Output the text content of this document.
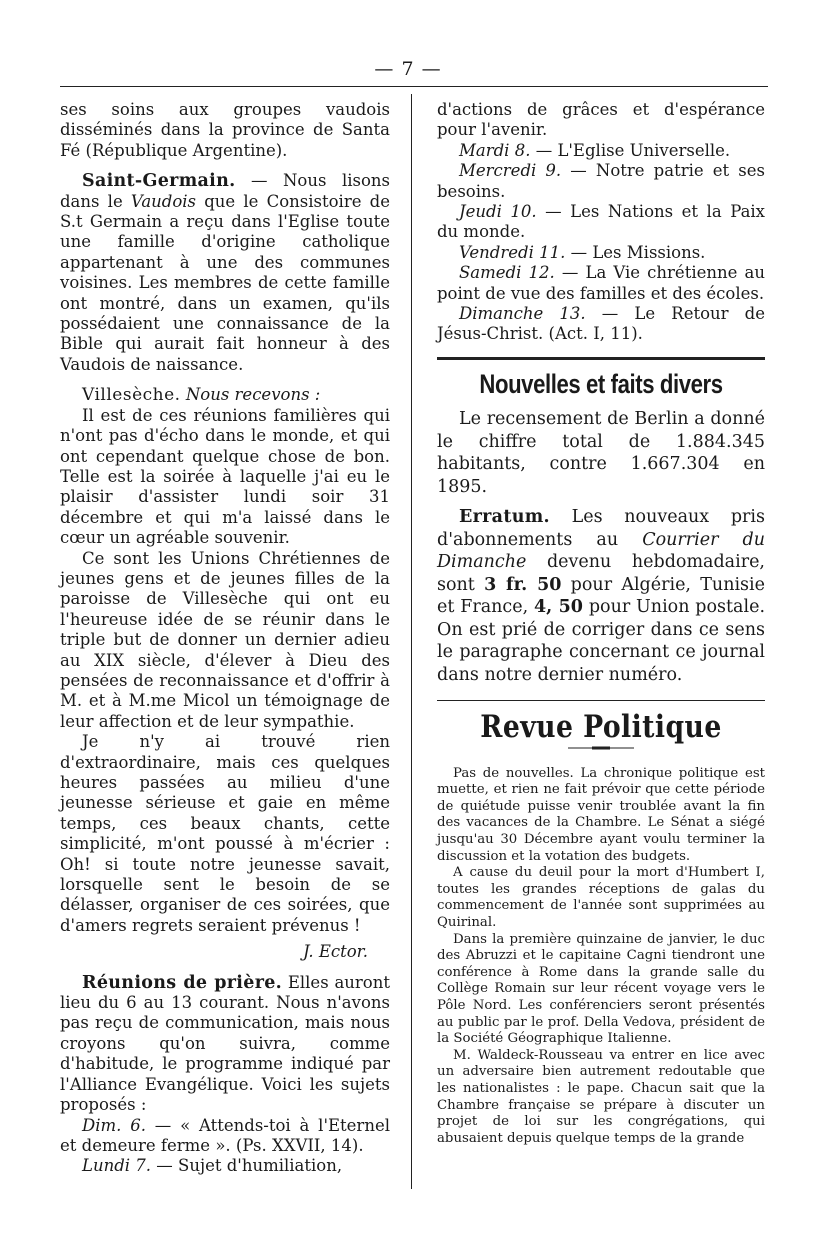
— 7 —

ses soins aux groupes vaudois disséminés dans la province de Santa Fé (République Argentine).

Saint-Germain. — Nous lisons dans le Vaudois que le Consistoire de S.t Germain a reçu dans l'Eglise toute une famille d'origine catholique appartenant à une des communes voisines. Les membres de cette famille ont montré, dans un examen, qu'ils possédaient une connaissance de la Bible qui aurait fait honneur à des Vaudois de naissance.

Villesèche. Nous recevons :

Il est de ces réunions familières qui n'ont pas d'écho dans le monde, et qui ont cependant quelque chose de bon. Telle est la soirée à laquelle j'ai eu le plaisir d'assister lundi soir 31 décembre et qui m'a laissé dans le cœur un agréable souvenir.

Ce sont les Unions Chrétiennes de jeunes gens et de jeunes filles de la paroisse de Villesèche qui ont eu l'heureuse idée de se réunir dans le triple but de donner un dernier adieu au XIX siècle, d'élever à Dieu des pensées de reconnaissance et d'offrir à M. et à M.me Micol un témoignage de leur affection et de leur sympathie.

Je n'y ai trouvé rien d'extraordinaire, mais ces quelques heures passées au milieu d'une jeunesse sérieuse et gaie en même temps, ces beaux chants, cette simplicité, m'ont poussé à m'écrier : Oh! si toute notre jeunesse savait, lorsquelle sent le besoin de se délasser, organiser de ces soirées, que d'amers regrets seraient prévenus !

J. Ector.

Réunions de prière. Elles auront lieu du 6 au 13 courant. Nous n'avons pas reçu de communication, mais nous croyons qu'on suivra, comme d'habitude, le programme indiqué par l'Alliance Evangélique. Voici les sujets proposés :

Dim. 6. — « Attends-toi à l'Eternel et demeure ferme ». (Ps. XXVII, 14).

Lundi 7. — Sujet d'humiliation,

d'actions de grâces et d'espérance pour l'avenir.

Mardi 8. — L'Eglise Universelle.

Mercredi 9. — Notre patrie et ses besoins.

Jeudi 10. — Les Nations et la Paix du monde.

Vendredi 11. — Les Missions.

Samedi 12. — La Vie chrétienne au point de vue des familles et des écoles.

Dimanche 13. — Le Retour de Jésus-Christ. (Act. I, 11).

Nouvelles et faits divers

Le recensement de Berlin a donné le chiffre total de 1.884.345 habitants, contre 1.667.304 en 1895.

Erratum. Les nouveaux pris d'abonnements au Courrier du Dimanche devenu hebdomadaire, sont 3 fr. 50 pour Algérie, Tunisie et France, 4, 50 pour Union postale. On est prié de corriger dans ce sens le paragraphe concernant ce journal dans notre dernier numéro.

Revue Politique

Pas de nouvelles. La chronique politique est muette, et rien ne fait prévoir que cette période de quiétude puisse venir troublée avant la fin des vacances de la Chambre. Le Sénat a siégé jusqu'au 30 Décembre ayant voulu terminer la discussion et la votation des budgets.

A cause du deuil pour la mort d'Humbert I, toutes les grandes réceptions de galas du commencement de l'année sont supprimées au Quirinal.

Dans la première quinzaine de janvier, le duc des Abruzzi et le capitaine Cagni tiendront une conférence à Rome dans la grande salle du Collège Romain sur leur récent voyage vers le Pôle Nord. Les conférenciers seront présentés au public par le prof. Della Vedova, président de la Société Géographique Italienne.

M. Waldeck-Rousseau va entrer en lice avec un adversaire bien autrement redoutable que les nationalistes : le pape. Chacun sait que la Chambre française se prépare à discuter un projet de loi sur les congrégations, qui abusaient depuis quelque temps de la grande
